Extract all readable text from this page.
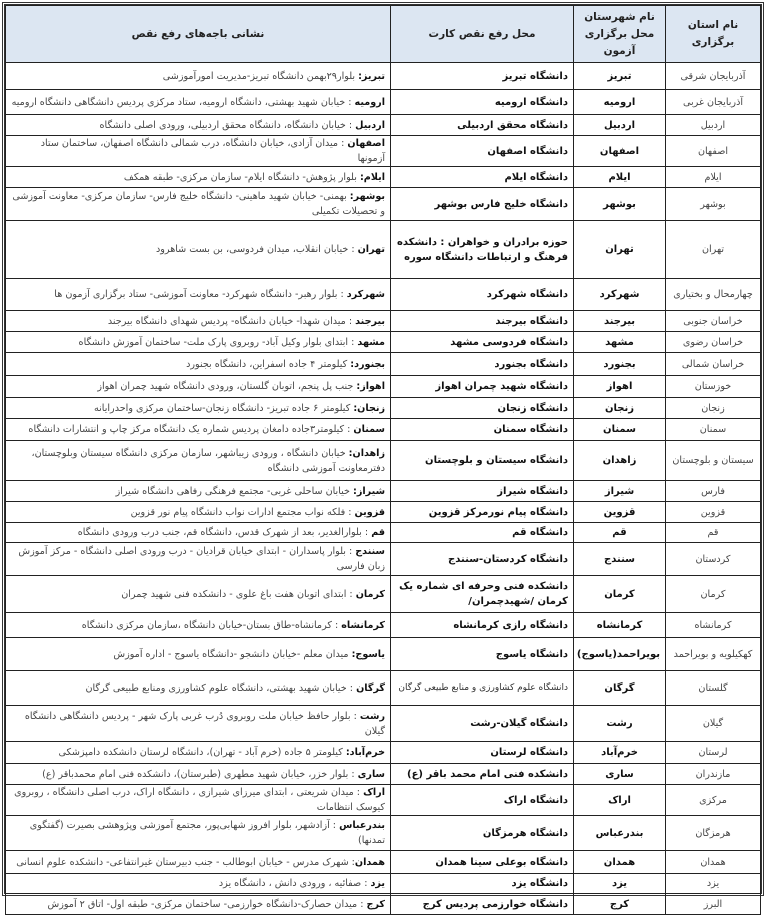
نام استان برگزاری	نام شهرستان محل برگزاری آزمون	محل رفع نقص کارت	نشانی باجه‌های رفع نقص
آذربایجان شرقی	تبریز	دانشگاه تبریز	تبریز: بلوار۲۹بهمن دانشگاه تبریز-مدیریت امورآموزشی
آذربایجان غربی	ارومیه	دانشگاه ارومیه	ارومیه : خیابان شهید بهشتی، دانشگاه ارومیه، ستاد مرکزی پردیس دانشگاهی دانشگاه ارومیه
اردبیل	اردبیل	دانشگاه محقق اردبیلی	اردبیل : خیابان دانشگاه، دانشگاه محقق اردبیلی، ورودی اصلی دانشگاه
اصفهان	اصفهان	دانشگاه اصفهان	اصفهان : میدان آزادی، خیابان دانشگاه، درب شمالی دانشگاه اصفهان، ساختمان ستاد آزمونها
ایلام	ایلام	دانشگاه ایلام	ایلام: بلوار پژوهش- دانشگاه ایلام- سازمان مرکزی- طبقه همکف
بوشهر	بوشهر	دانشگاه خلیج فارس بوشهر	بوشهر: بهمنی- خیابان شهید ماهینی- دانشگاه خلیج فارس- سازمان مرکزی- معاونت آموزشی و تحصیلات تکمیلی
تهران	تهران	حوزه برادران و خواهران : دانشکده فرهنگ و ارتباطات دانشگاه سوره	تهران : خیابان انقلاب، میدان فردوسی، بن بست شاهرود
چهارمحال و بختیاری	شهرکرد	دانشگاه شهرکرد	شهرکرد : بلوار رهبر- دانشگاه شهرکرد- معاونت آموزشی- ستاد برگزاری آزمون ها
خراسان جنوبی	بیرجند	دانشگاه بیرجند	بیرجند : میدان شهدا- خیابان دانشگاه- پردیس شهدای دانشگاه بیرجند
خراسان رضوی	مشهد	دانشگاه فردوسی مشهد	مشهد : ابتدای بلوار وکیل آباد- روبروی پارک ملت- ساختمان آموزش دانشگاه
خراسان شمالی	بجنورد	دانشگاه بجنورد	بجنورد: کیلومتر ۴ جاده اسفراین، دانشگاه بجنورد
خوزستان	اهواز	دانشگاه شهید چمران اهواز	اهواز: جنب پل پنجم، اتوبان گلستان، ورودی دانشگاه شهید چمران اهواز
زنجان	زنجان	دانشگاه زنجان	زنجان: کیلومتر ۶ جاده تبریز- دانشگاه زنجان-ساختمان مرکزی واحدرایانه
سمنان	سمنان	دانشگاه سمنان	سمنان : کیلومتر۳جاده دامغان پردیس شماره یک دانشگاه مرکز چاپ و انتشارات دانشگاه
سیستان و بلوچستان	زاهدان	دانشگاه سیستان و بلوچستان	زاهدان: خیابان دانشگاه ، ورودی زیباشهر، سازمان مرکزی دانشگاه سیستان وبلوچستان، دفترمعاونت آموزشی دانشگاه
فارس	شیراز	دانشگاه شیراز	شیراز: خیابان ساحلی غربی- مجتمع فرهنگی رفاهی دانشگاه شیراز
قزوین	قزوین	دانشگاه پیام نورمرکز قزوین	قزوین : فلکه نواب مجتمع ادارات نواب دانشگاه پیام نور قزوین
قم	قم	دانشگاه قم	قم : بلوارالغدیر، بعد از شهرک قدس، دانشگاه قم، جنب درب ورودی دانشگاه
کردستان	سنندج	دانشگاه کردستان-سنندج	سنندج : بلوار پاسداران - ابتدای خیابان قرادیان - درب ورودی اصلی دانشگاه - مرکز آموزش زبان فارسی
کرمان	کرمان	دانشکده فنی وحرفه ای شماره یک کرمان /شهیدچمران/	کرمان : ابتدای اتوبان هفت باغ علوی - دانشکده فنی شهید چمران
کرمانشاه	کرمانشاه	دانشگاه رازی کرمانشاه	کرمانشاه : کرمانشاه-طاق بستان-خیابان دانشگاه ،سازمان مرکزی دانشگاه
کهکیلویه و بویراحمد	بویراحمد(یاسوج)	دانشگاه یاسوج	یاسوج: میدان معلم -خیابان دانشجو -دانشگاه یاسوج - اداره آموزش
گلستان	گرگان	دانشگاه علوم کشاورزی و منابع طبیعی گرگان	گرگان : خیابان شهید بهشتی، دانشگاه علوم کشاورزی ومنابع طبیعی گرگان
گیلان	رشت	دانشگاه گیلان-رشت	رشت : بلوار حافظ خیابان ملت روبروی دُرب غربی پارک شهر - پردیس دانشگاهی دانشگاه گیلان
لرستان	خرم‌آباد	دانشگاه لرستان	خرم‌آباد: کیلومتر ۵ جاده (خرم آباد - تهران)، دانشگاه لرستان دانشکده دامپزشکی
مازندران	ساری	دانشکده فنی امام محمد باقر (ع)	ساری : بلوار خزر، خیابان شهید مطهری (طبرستان)، دانشکده فنی امام محمدباقر (ع)
مرکزی	اراک	دانشگاه اراک	اراک : میدان شریعتی ، ابتدای میرزای شیرازی ، دانشگاه اراک، درب اصلی دانشگاه ، روبروی کیوسک انتظامات
هرمزگان	بندرعباس	دانشگاه هرمزگان	بندرعباس : آزادشهر، بلوار افروز شهابی‌پور، مجتمع آموزشی وپژوهشی بصیرت (گفتگوی تمدنها)
همدان	همدان	دانشگاه بوعلی سینا همدان	همدان: شهرک مدرس - خیابان ابوطالب - جنب دبیرستان غیرانتفاعی- دانشکده علوم انسانی
یزد	یزد	دانشگاه یزد	یزد : صفائیه ، ورودی دانش ، دانشگاه یزد
البرز	کرج	دانشگاه خوارزمی پردیس کرج	کرج : میدان حصارک-دانشگاه خوارزمی- ساختمان مرکزی- طبقه اول- اتاق ۲ آموزش
